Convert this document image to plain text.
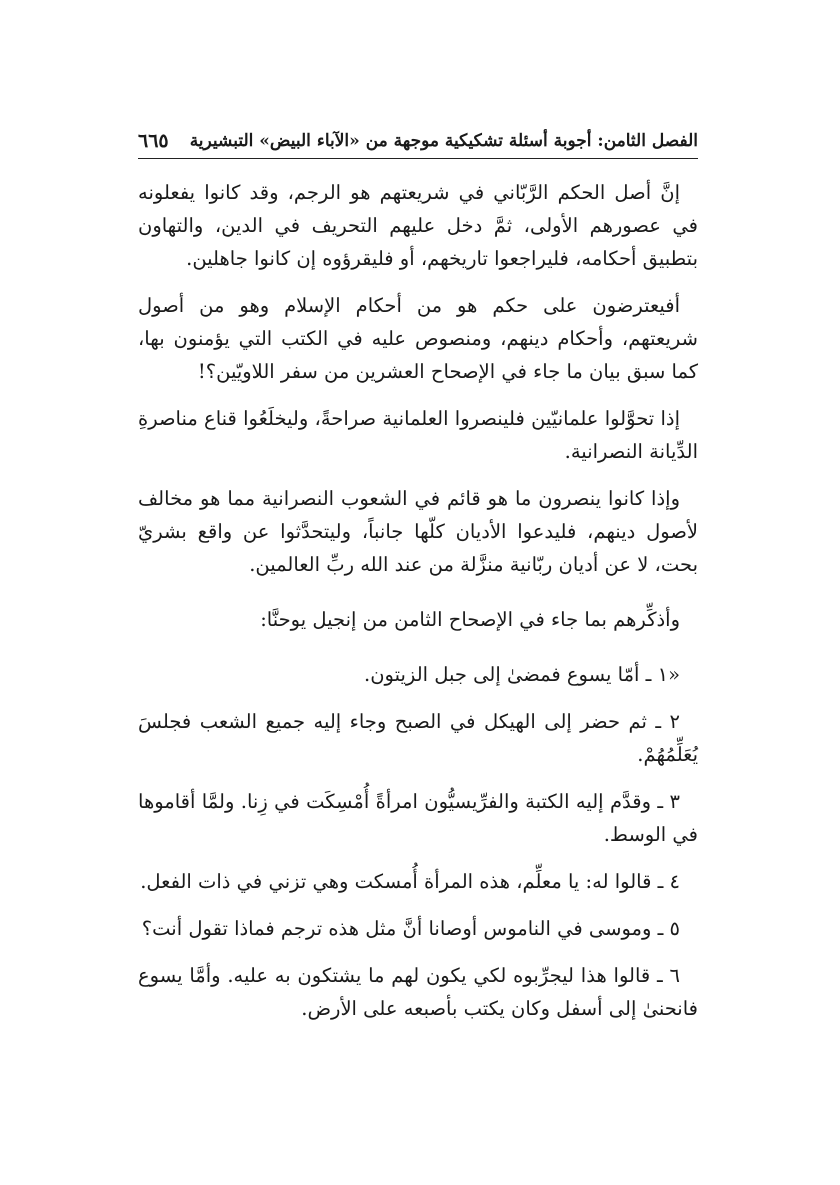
الفصل الثامن: أجوبة أسئلة تشكيكية موجهة من «الآباء البيض» التبشيرية
٦٦٥

إنَّ أصل الحكم الرَّبّاني في شريعتهم هو الرجم، وقد كانوا يفعلونه في عصورهم الأولى، ثمَّ دخل عليهم التحريف في الدين، والتهاون بتطبيق أحكامه، فليراجعوا تاريخهم، أو فليقرؤوه إن كانوا جاهلين.

أفيعترضون على حكم هو من أحكام الإسلام وهو من أصول شريعتهم، وأحكام دينهم، ومنصوص عليه في الكتب التي يؤمنون بها، كما سبق بيان ما جاء في الإصحاح العشرين من سفر اللاويّين؟!

إذا تحوَّلوا علمانيّين فلينصروا العلمانية صراحةً، وليخلَعُوا قناع مناصرةِ الدِّيانة النصرانية.

وإذا كانوا ينصرون ما هو قائم في الشعوب النصرانية مما هو مخالف لأصول دينهم، فليدعوا الأديان كلّها جانباً، وليتحدَّثوا عن واقع بشريّ بحت، لا عن أديان ربّانية منزَّلة من عند الله ربِّ العالمين.

وأذكِّرهم بما جاء في الإصحاح الثامن من إنجيل يوحنَّا:

«١ ـ أمّا يسوع فمضىٰ إلى جبل الزيتون.

٢ ـ ثم حضر إلى الهيكل في الصبح وجاء إليه جميع الشعب فجلسَ يُعَلِّمُهُمْ.

٣ ـ وقدَّم إليه الكتبة والفرِّيسيُّون امرأةً أُمْسِكَت في زِنا. ولمَّا أقاموها في الوسط.

٤ ـ قالوا له: يا معلِّم، هذه المرأة أُمسكت وهي تزني في ذات الفعل.

٥ ـ وموسى في الناموس أوصانا أنَّ مثل هذه ترجم فماذا تقول أنت؟

٦ ـ قالوا هذا ليجرِّبوه لكي يكون لهم ما يشتكون به عليه. وأمَّا يسوع فانحنىٰ إلى أسفل وكان يكتب بأصبعه على الأرض.
